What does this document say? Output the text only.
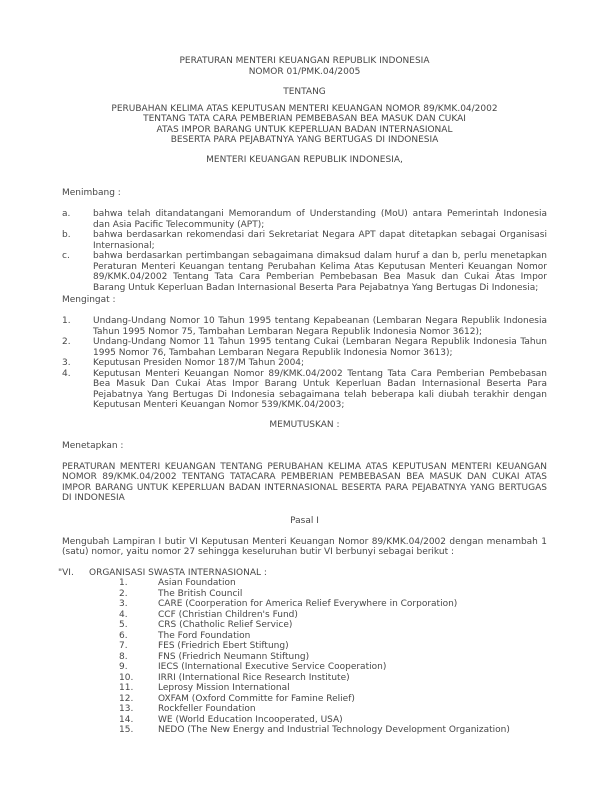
PERATURAN MENTERI KEUANGAN REPUBLIK INDONESIA
NOMOR 01/PMK.04/2005
TENTANG
PERUBAHAN KELIMA ATAS KEPUTUSAN MENTERI KEUANGAN NOMOR 89/KMK.04/2002
TENTANG TATA CARA PEMBERIAN PEMBEBASAN BEA MASUK DAN CUKAI
ATAS IMPOR BARANG UNTUK KEPERLUAN BADAN INTERNASIONAL
BESERTA PARA PEJABATNYA YANG BERTUGAS DI INDONESIA
MENTERI KEUANGAN REPUBLIK INDONESIA,
Menimbang :
a.	bahwa telah ditandatangani Memorandum of Understanding (MoU) antara Pemerintah Indonesia dan Asia Pacific Telecommunity (APT);
b.	bahwa berdasarkan rekomendasi dari Sekretariat Negara APT dapat ditetapkan sebagai Organisasi Internasional;
c.	bahwa berdasarkan pertimbangan sebagaimana dimaksud dalam huruf a dan b, perlu menetapkan Peraturan Menteri Keuangan tentang Perubahan Kelima Atas Keputusan Menteri Keuangan Nomor 89/KMK.04/2002 Tentang Tata Cara Pemberian Pembebasan Bea Masuk dan Cukai Atas Impor Barang Untuk Keperluan Badan Internasional Beserta Para Pejabatnya Yang Bertugas Di Indonesia;
Mengingat :
1.	Undang-Undang Nomor 10 Tahun 1995 tentang Kepabeanan (Lembaran Negara Republik Indonesia Tahun 1995 Nomor 75, Tambahan Lembaran Negara Republik Indonesia Nomor 3612);
2.	Undang-Undang Nomor 11 Tahun 1995 tentang Cukai (Lembaran Negara Republik Indonesia Tahun 1995 Nomor 76, Tambahan Lembaran Negara Republik Indonesia Nomor 3613);
3.	Keputusan Presiden Nomor 187/M Tahun 2004;
4.	Keputusan Menteri Keuangan Nomor 89/KMK.04/2002 Tentang Tata Cara Pemberian Pembebasan Bea Masuk Dan Cukai Atas Impor Barang Untuk Keperluan Badan Internasional Beserta Para Pejabatnya Yang Bertugas Di Indonesia sebagaimana telah beberapa kali diubah terakhir dengan Keputusan Menteri Keuangan Nomor 539/KMK.04/2003;
MEMUTUSKAN :
Menetapkan :
PERATURAN MENTERI KEUANGAN TENTANG PERUBAHAN KELIMA ATAS KEPUTUSAN MENTERI KEUANGAN NOMOR 89/KMK.04/2002 TENTANG TATACARA PEMBERIAN PEMBEBASAN BEA MASUK DAN CUKAI ATAS IMPOR BARANG UNTUK KEPERLUAN BADAN INTERNASIONAL BESERTA PARA PEJABATNYA YANG BERTUGAS DI INDONESIA
Pasal I
Mengubah Lampiran I butir VI Keputusan Menteri Keuangan Nomor 89/KMK.04/2002 dengan menambah 1 (satu) nomor, yaitu nomor 27 sehingga keseluruhan butir VI berbunyi sebagai berikut :
"VI.	ORGANISASI SWASTA INTERNASIONAL :
1.	Asian Foundation
2.	The British Council
3.	CARE (Coorperation for America Relief Everywhere in Corporation)
4.	CCF (Christian Children's Fund)
5.	CRS (Chatholic Relief Service)
6.	The Ford Foundation
7.	FES (Friedrich Ebert Stiftung)
8.	FNS (Friedrich Neumann Stiftung)
9.	IECS (International Executive Service Cooperation)
10.	IRRI (International Rice Research Institute)
11.	Leprosy Mission International
12.	OXFAM (Oxford Committe for Famine Relief)
13.	Rockfeller Foundation
14.	WE (World Education Incooperated, USA)
15.	NEDO (The New Energy and Industrial Technology Development Organization)
